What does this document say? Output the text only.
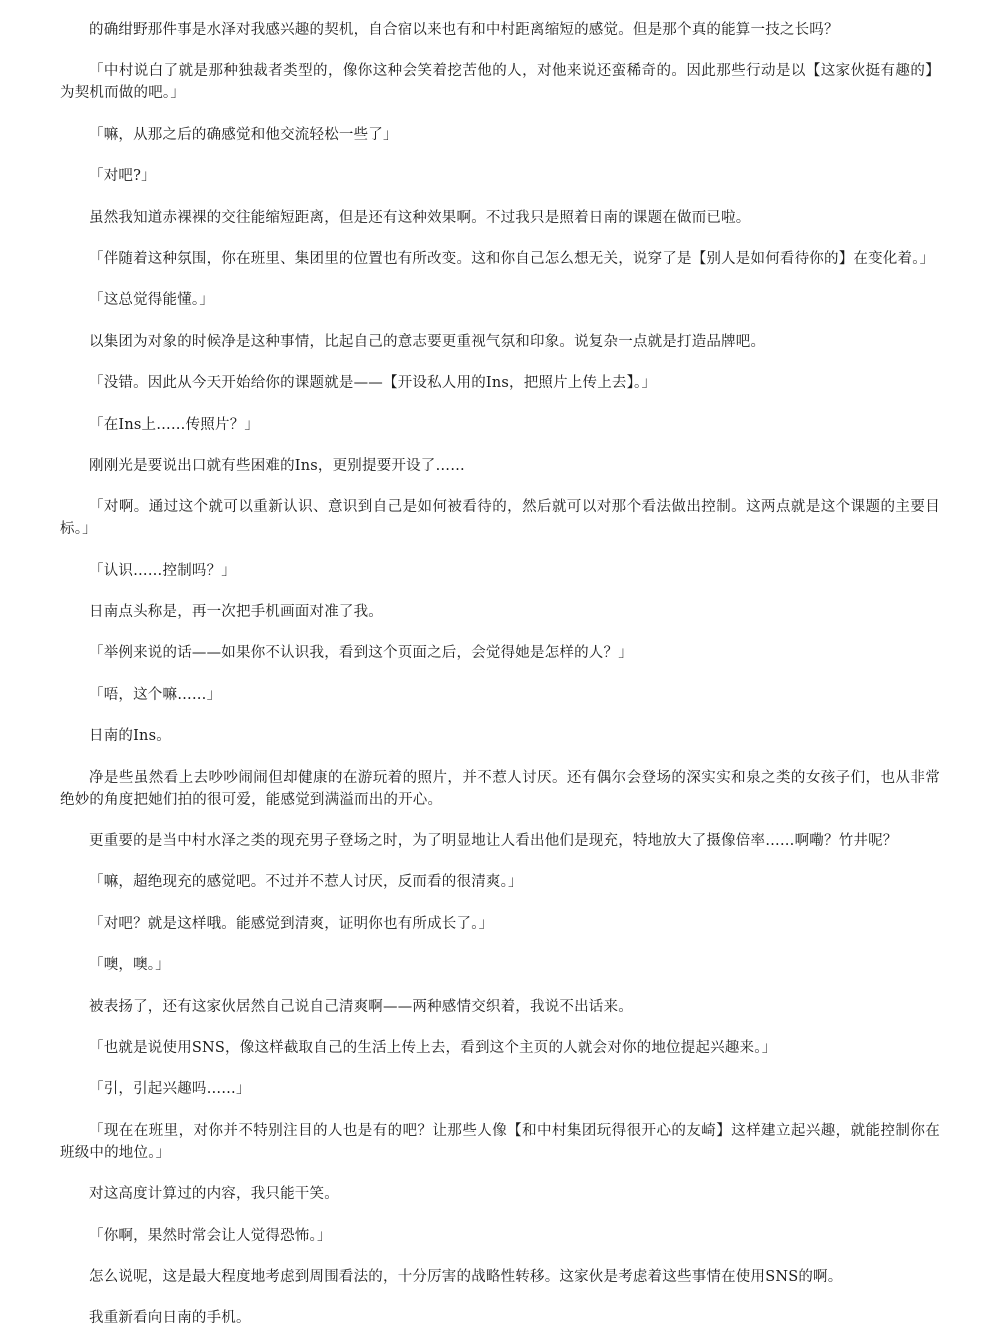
的确绀野那件事是水泽对我感兴趣的契机，自合宿以来也有和中村距离缩短的感觉。但是那个真的能算一技之长吗？

「中村说白了就是那种独裁者类型的，像你这种会笑着挖苦他的人，对他来说还蛮稀奇的。因此那些行动是以【这家伙挺有趣的】为契机而做的吧。」

「嘛，从那之后的确感觉和他交流轻松一些了」

「对吧?」

虽然我知道赤裸裸的交往能缩短距离，但是还有这种效果啊。不过我只是照着日南的课题在做而已啦。

「伴随着这种氛围，你在班里、集团里的位置也有所改变。这和你自己怎么想无关，说穿了是【别人是如何看待你的】在变化着。」

「这总觉得能懂。」

以集团为对象的时候净是这种事情，比起自己的意志要更重视气氛和印象。说复杂一点就是打造品牌吧。

「没错。因此从今天开始给你的课题就是——【开设私人用的Ins，把照片上传上去】。」

「在Ins上……传照片？」

刚刚光是要说出口就有些困难的Ins，更别提要开设了……

「对啊。通过这个就可以重新认识、意识到自己是如何被看待的，然后就可以对那个看法做出控制。这两点就是这个课题的主要目标。」

「认识……控制吗？」

日南点头称是，再一次把手机画面对准了我。

「举例来说的话——如果你不认识我，看到这个页面之后，会觉得她是怎样的人？」

「唔，这个嘛……」

日南的Ins。

净是些虽然看上去吵吵闹闹但却健康的在游玩着的照片，并不惹人讨厌。还有偶尔会登场的深实实和泉之类的女孩子们，也从非常绝妙的角度把她们拍的很可爱，能感觉到满溢而出的开心。

更重要的是当中村水泽之类的现充男子登场之时，为了明显地让人看出他们是现充，特地放大了摄像倍率……啊嘞？竹井呢？

「嘛，超绝现充的感觉吧。不过并不惹人讨厌，反而看的很清爽。」

「对吧？就是这样哦。能感觉到清爽，证明你也有所成长了。」

「噢，噢。」

被表扬了，还有这家伙居然自己说自己清爽啊——两种感情交织着，我说不出话来。

「也就是说使用SNS，像这样截取自己的生活上传上去，看到这个主页的人就会对你的地位提起兴趣来。」

「引，引起兴趣吗……」

「现在在班里，对你并不特别注目的人也是有的吧？让那些人像【和中村集团玩得很开心的友崎】这样建立起兴趣，就能控制你在班级中的地位。」

对这高度计算过的内容，我只能干笑。

「你啊，果然时常会让人觉得恐怖。」

怎么说呢，这是最大程度地考虑到周围看法的，十分厉害的战略性转移。这家伙是考虑着这些事情在使用SNS的啊。

我重新看向日南的手机。
